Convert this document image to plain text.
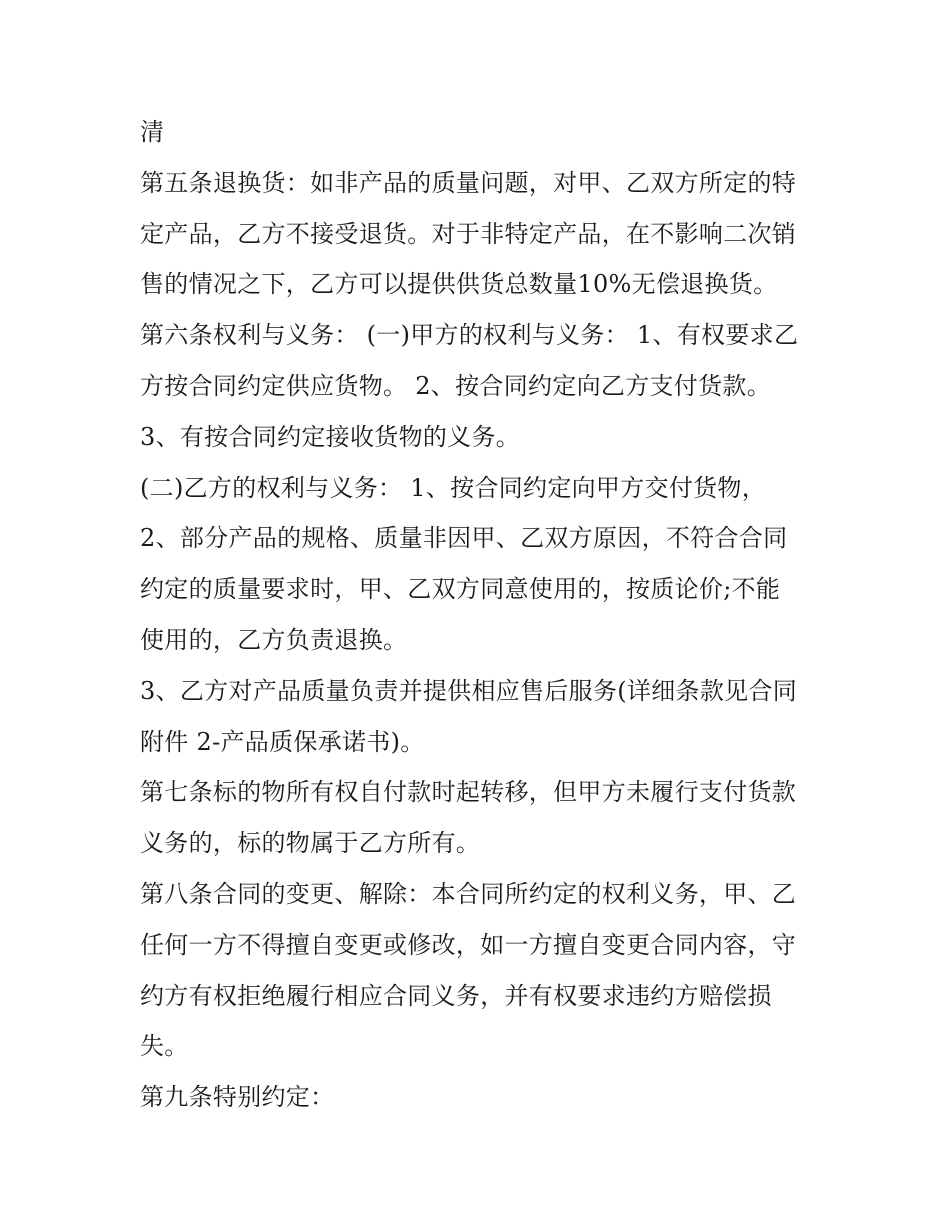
清
第五条退换货：如非产品的质量问题，对甲、乙双方所定的特
定产品，乙方不接受退货。对于非特定产品，在不影响二次销
售的情况之下，乙方可以提供供货总数量10%无偿退换货。
第六条权利与义务： (一)甲方的权利与义务： 1、有权要求乙
方按合同约定供应货物。 2、按合同约定向乙方支付货款。
3、有按合同约定接收货物的义务。
(二)乙方的权利与义务： 1、按合同约定向甲方交付货物，
2、部分产品的规格、质量非因甲、乙双方原因，不符合合同
约定的质量要求时，甲、乙双方同意使用的，按质论价;不能
使用的，乙方负责退换。
3、乙方对产品质量负责并提供相应售后服务(详细条款见合同
附件 2-产品质保承诺书)。
第七条标的物所有权自付款时起转移，但甲方未履行支付货款
义务的，标的物属于乙方所有。
第八条合同的变更、解除：本合同所约定的权利义务，甲、乙
任何一方不得擅自变更或修改，如一方擅自变更合同内容，守
约方有权拒绝履行相应合同义务，并有权要求违约方赔偿损
失。
第九条特别约定：
